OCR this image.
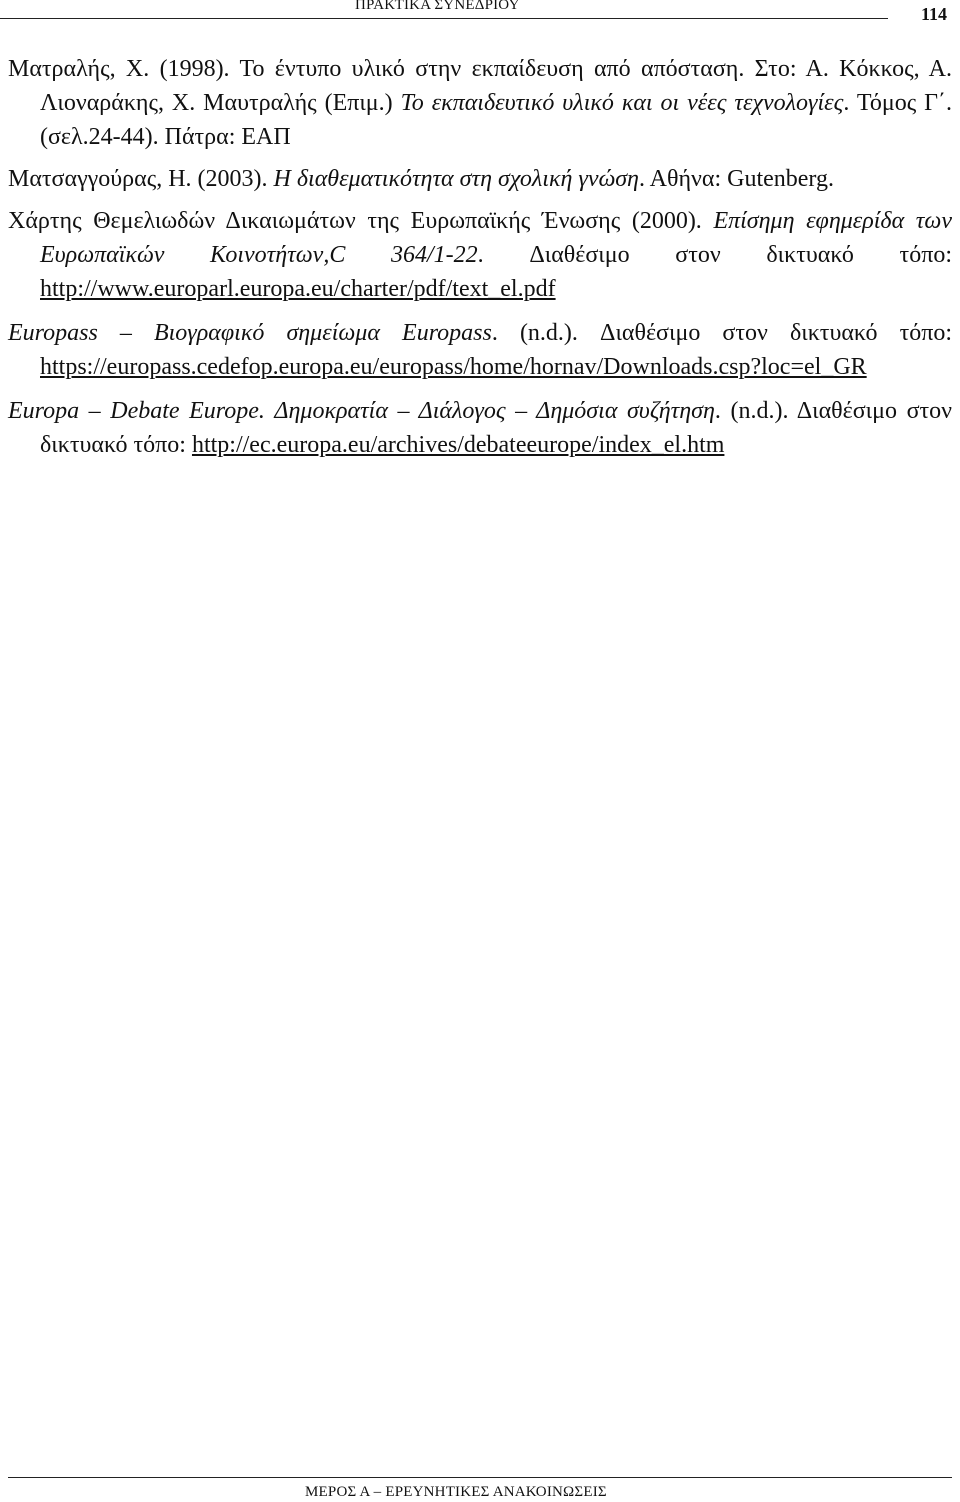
ΠΡΑΚΤΙΚΑ ΣΥΝΕΔΡΙΟΥ	114

Ματραλής, Χ. (1998). Το έντυπο υλικό στην εκπαίδευση από απόσταση. Στο: Α. Κόκκος, Α. Λιοναράκης, Χ. Μαυτραλής (Επιμ.) Το εκπαιδευτικό υλικό και οι νέες τεχνολογίες. Τόμος Γ΄. (σελ.24-44). Πάτρα: ΕΑΠ

Ματσαγγούρας, Η. (2003). Η διαθεματικότητα στη σχολική γνώση. Αθήνα: Gutenberg.

Χάρτης Θεμελιωδών Δικαιωμάτων της Ευρωπαϊκής Ένωσης (2000). Επίσημη εφημερίδα των Ευρωπαϊκών Κοινοτήτων,C 364/1-22. Διαθέσιμο στον δικτυακό τόπο: http://www.europarl.europa.eu/charter/pdf/text_el.pdf

Europass – Βιογραφικό σημείωμα Europass. (n.d.). Διαθέσιμο στον δικτυακό τόπο: https://europass.cedefop.europa.eu/europass/home/hornav/Downloads.csp?loc=el_GR

Europa – Debate Europe. Δημοκρατία – Διάλογος – Δημόσια συζήτηση. (n.d.). Διαθέσιμο στον δικτυακό τόπο: http://ec.europa.eu/archives/debateeurope/index_el.htm

ΜΕΡΟΣ Α – ΕΡΕΥΝΗΤΙΚΕΣ ΑΝΑΚΟΙΝΩΣΕΙΣ
